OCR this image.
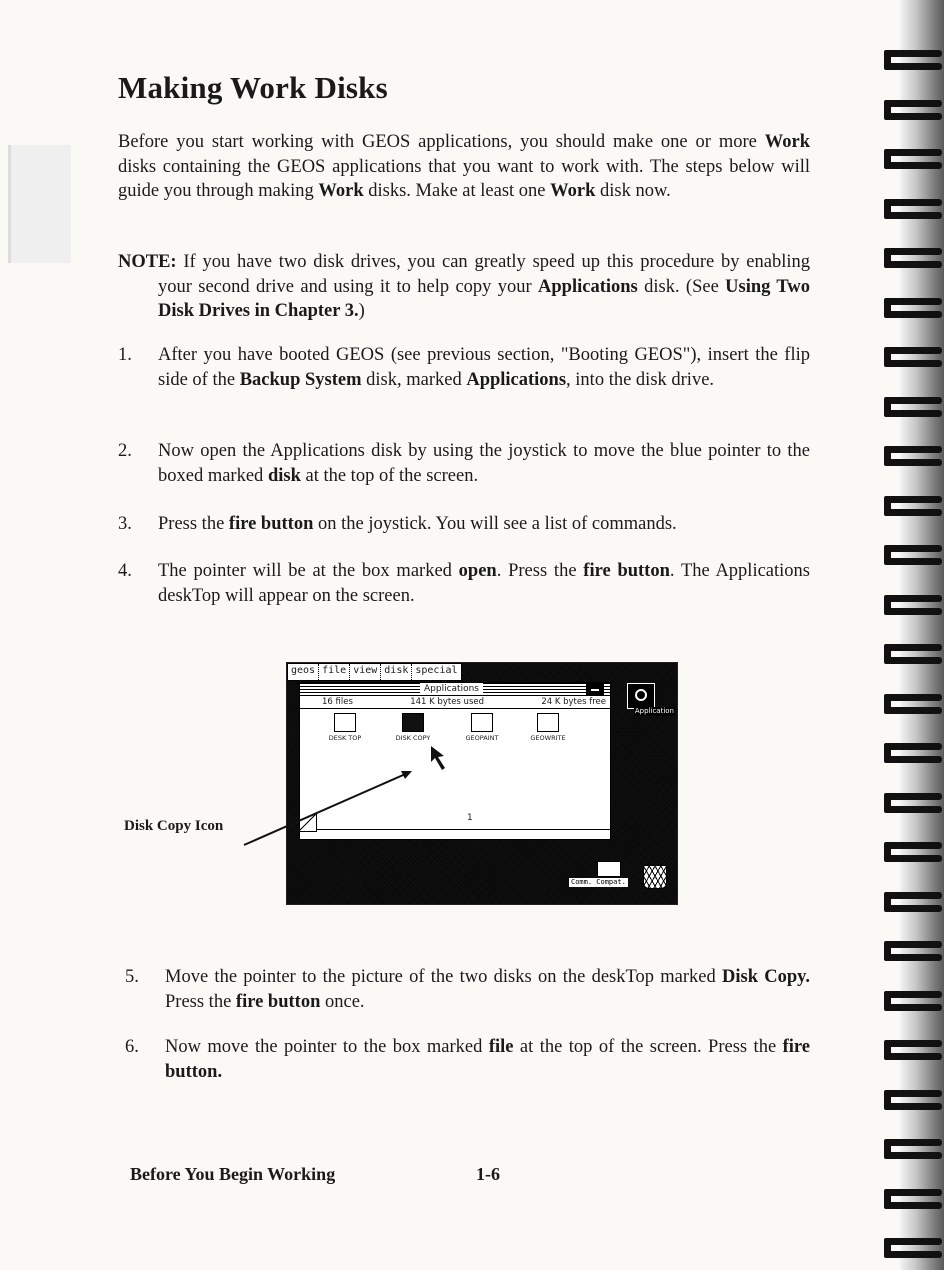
Making Work Disks

Before you start working with GEOS applications, you should make one or more Work disks containing the GEOS applications that you want to work with. The steps below will guide you through making Work disks. Make at least one Work disk now.

NOTE: If you have two disk drives, you can greatly speed up this procedure by enabling your second drive and using it to help copy your Applications disk. (See Using Two Disk Drives in Chapter 3.)

1.	After you have booted GEOS (see previous section, "Booting GEOS"), insert the flip side of the Backup System disk, marked Applications, into the disk drive.
2.	Now open the Applications disk by using the joystick to move the blue pointer to the boxed marked disk at the top of the screen.
3.	Press the fire button on the joystick. You will see a list of commands.
4.	The pointer will be at the box marked open. Press the fire button. The Applications deskTop will appear on the screen.
geos file view disk special
Applications
16 files	141 K bytes used	24 K bytes free
DESK TOP	DISK COPY	GEOPAINT	GEOWRITE
1
Application
Comm. Compat.
Disk Copy Icon
5.	Move the pointer to the picture of the two disks on the deskTop marked Disk Copy. Press the fire button once.
6.	Now move the pointer to the box marked file at the top of the screen. Press the fire button.
Before You Begin Working	1-6
